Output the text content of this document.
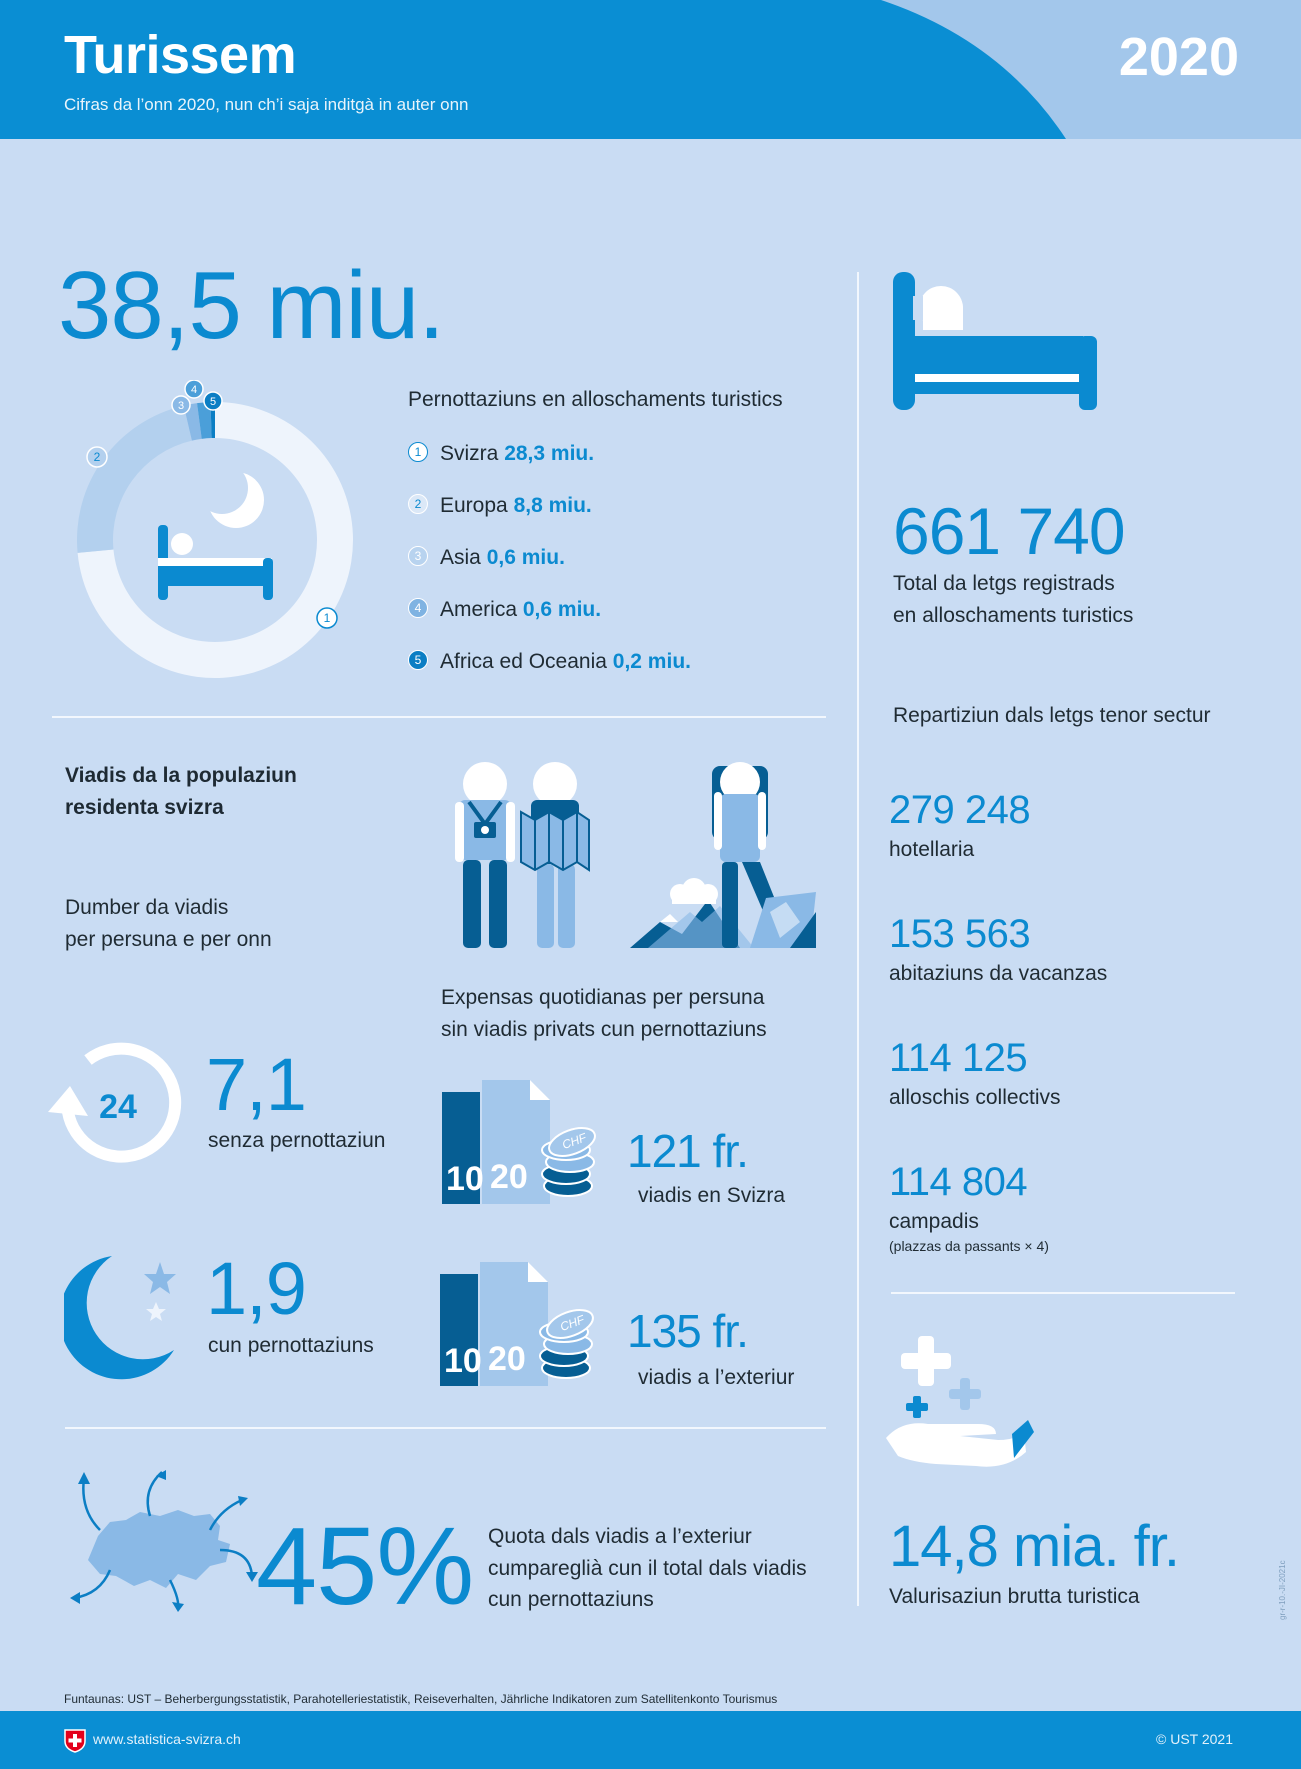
Turissem
Cifras da l’onn 2020, nun ch’i saja inditgà in auter onn
2020
38,5 miu.
1
2
3
4
5	Pernottaziuns en alloschaments turistics
1 Svizra 28,3 miu.
2 Europa 8,8 miu.
3 Asia 0,6 miu.
4 America 0,6 miu.
5 Africa ed Oceania 0,2 miu.
Viadis da la populaziun
residenta svizra
Dumber da viadis
per persuna e per onn
Expensas quotidianas per persuna
sin viadis privats cun pernottaziuns
24 7,1
senza pernottaziun
1,9
cun pernottaziuns
10 20
CHF 121 fr.
viadis en Svizra
10 20
CHF 135 fr.
viadis a l’exteriur
45% Quota dals viadis a l’exteriur
cumpareglià cun il total dals viadis
cun pernottaziuns
661 740
Total da letgs registrads
en alloschaments turistics
Repartiziun dals letgs tenor sectur
279 248
hotellaria
153 563
abitaziuns da vacanzas
114 125
alloschis collectivs
114 804
campadis
(plazzas da passants × 4)
14,8 mia. fr.
Valurisaziun brutta turistica	gr-r-10.-JI-2021c
Funtaunas: UST – Beherbergungsstatistik, Parahotelleriestatistik, Reiseverhalten, Jährliche Indikatoren zum Satellitenkonto Tourismus
www.statistica-svizra.ch	© UST 2021
